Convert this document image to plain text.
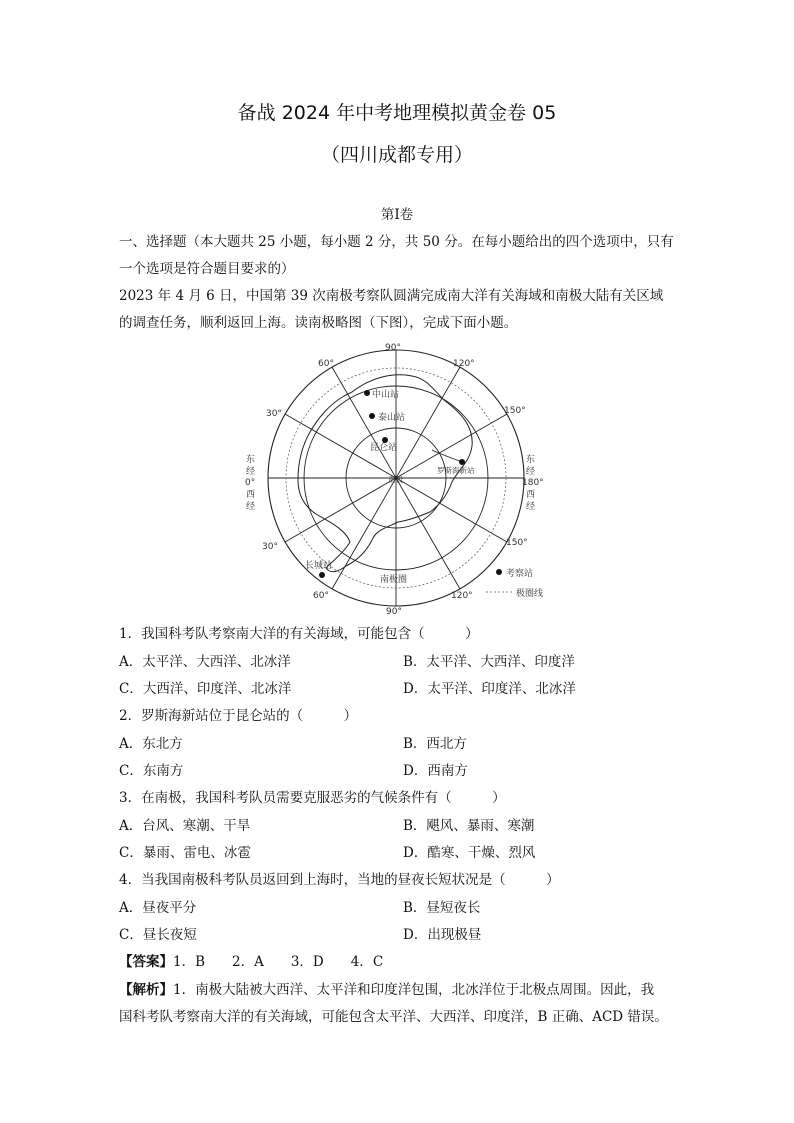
备战 2024 年中考地理模拟黄金卷 05
（四川成都专用）
第Ⅰ卷
一、选择题（本大题共 25 小题，每小题 2 分，共 50 分。在每小题给出的四个选项中，只有
一个选项是符合题目要求的）
2023 年 4 月 6 日，中国第 39 次南极考察队圆满完成南大洋有关海域和南极大陆有关区域
的调查任务，顺利返回上海。读南极略图（下图），完成下面小题。
90°
90°
60°	120°
30°	150°
30°	150°
60°	120°
东
经
0°
西
经
东
经
180°
西
经
中山站
泰山站
昆仑站
长城站
南极圈
考察站
极圈线
罗斯海新站
南极
1．我国科考队考察南大洋的有关海域，可能包含（　　　）
A．太平洋、大西洋、北冰洋	B．太平洋、大西洋、印度洋
C．大西洋、印度洋、北冰洋	D．太平洋、印度洋、北冰洋
2．罗斯海新站位于昆仑站的（　　　）
A．东北方	B．西北方
C．东南方	D．西南方
3．在南极，我国科考队员需要克服恶劣的气候条件有（　　　）
A．台风、寒潮、干旱	B．飓风、暴雨、寒潮
C．暴雨、雷电、冰雹	D．酷寒、干燥、烈风
4．当我国南极科考队员返回到上海时，当地的昼夜长短状况是（　　　）
A．昼夜平分	B．昼短夜长
C．昼长夜短	D．出现极昼
【答案】1．B　　2．A　　3．D　　4．C
【解析】1．南极大陆被大西洋、太平洋和印度洋包围，北冰洋位于北极点周围。因此，我
国科考队考察南大洋的有关海域，可能包含太平洋、大西洋、印度洋，B 正确、ACD 错误。
